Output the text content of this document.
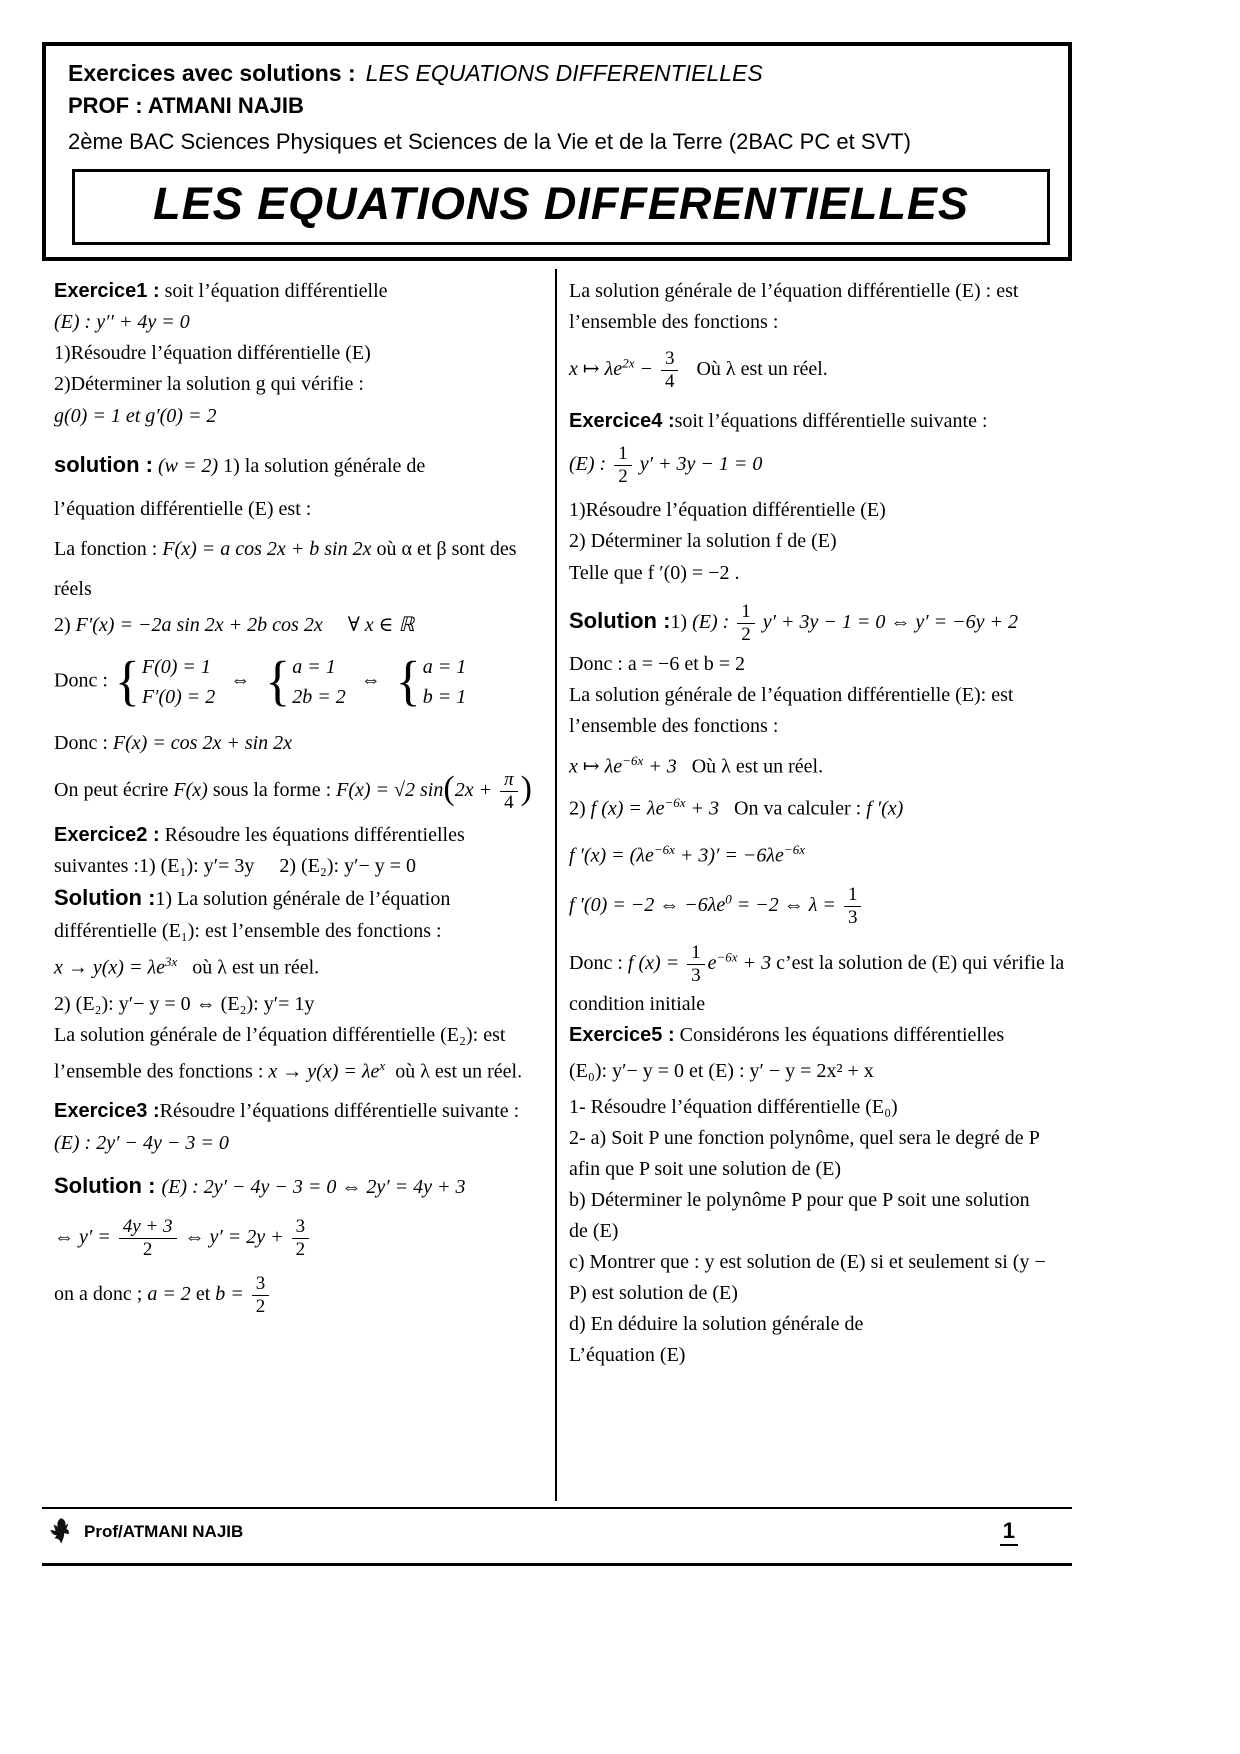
Exercices avec solutions : LES EQUATIONS DIFFERENTIELLES

PROF : ATMANI NAJIB

2ème BAC Sciences Physiques et Sciences de la Vie et de la Terre (2BAC PC et SVT)

LES EQUATIONS DIFFERENTIELLES

Exercice1 : soit l’équation différentielle

(E) : y′′ + 4y = 0

1)Résoudre l’équation différentielle (E)

2)Déterminer la solution g qui vérifie :

g(0) = 1 et g′(0) = 2

solution : (w = 2) 1) la solution générale de

l’équation différentielle (E) est :

La fonction : F(x) = a cos 2x + b sin 2x où α et β sont des

réels

2) F′(x) = −2a sin 2x + 2b cos 2x     ∀ x ∈ ℝ

Donc : { F(0) = 1
F′(0) = 2
⇔ { a = 1
2b = 2
⇔ { a = 1
b = 1

Donc : F(x) = cos 2x + sin 2x

On peut écrire F(x) sous la forme : F(x) = √2 $\sin(2x + \frac{\pi}{4}$ )

Exercice2 : Résoudre les équations différentielles

suivantes :1) (E₁): y′= 3y     2) (E₂): y′− y = 0

Solution :1) La solution générale de l’équation

différentielle (E₁): est l’ensemble des fonctions :

$x \to y(x) = \lambda e^{3x}$   où λ est un réel.

2) (E₂): y′− y = 0 ⇔ (E₂): y′= 1y

La solution générale de l’équation différentielle (E₂): est

l’ensemble des fonctions : $x \to y(x) = \lambda e^x$  où λ est un réel.

Exercice3 :Résoudre l’équations différentielle suivante :

(E) : 2y′ − 4y − 3 = 0

Solution : (E) : 2y′ − 4y − 3 = 0 ⇔ 2y′ = 4y + 3

⇔ $y' = \frac{4y + 3}{2}$ ⇔ $y' = 2y + \frac{3}{2}$

on a donc ; a = 2 et $b = \frac{3}{2}$

La solution générale de l’équation différentielle (E) : est

l’ensemble des fonctions :

x ↦ $\lambda e^{2x} - \frac{3}{4}$ Où λ est un réel.

Exercice4 :soit l’équations différentielle suivante :

(E) : $\frac{1}{2} y' + 3y - 1 = 0$

1)Résoudre l’équation différentielle (E)

2) Déterminer la solution f de (E)

Telle que f ′(0) = −2 .

Solution :1) (E) : $\frac{1}{2} y' + 3y - 1 = 0$ ⇔ y′ = −6y + 2

Donc : a = −6 et b = 2

La solution générale de l’équation différentielle (E): est

l’ensemble des fonctions :

x ↦ $\lambda e^{-6x} + 3$   Où λ est un réel.

2) f $(x) = \lambda e^{-6x} + 3$   On va calculer : f ′(x)

f $'(x) = (\lambda e^{-6x} + 3)' = -6\lambda e^{-6x}$

f ′(0) = −2 ⇔ $-6\lambda e^0 = -2$ ⇔ $\lambda = \frac{1}{3}$

Donc : f $(x) = \frac{1}{3} e^{-6x} + 3$ c’est la solution de (E) qui vérifie la

condition initiale

Exercice5 : Considérons les équations différentielles

(E₀): y′− y = 0 et (E) : y′ − y = 2x² + x

1- Résoudre l’équation différentielle (E₀)

2- a) Soit P une fonction polynôme, quel sera le degré de P

afin que P soit une solution de (E)

b) Déterminer le polynôme P pour que P soit une solution

de (E)

c) Montrer que : y est solution de (E) si et seulement si (y −

P) est solution de (E)

d) En déduire la solution générale de

L’équation (E)

Prof/ATMANI NAJIB	1
